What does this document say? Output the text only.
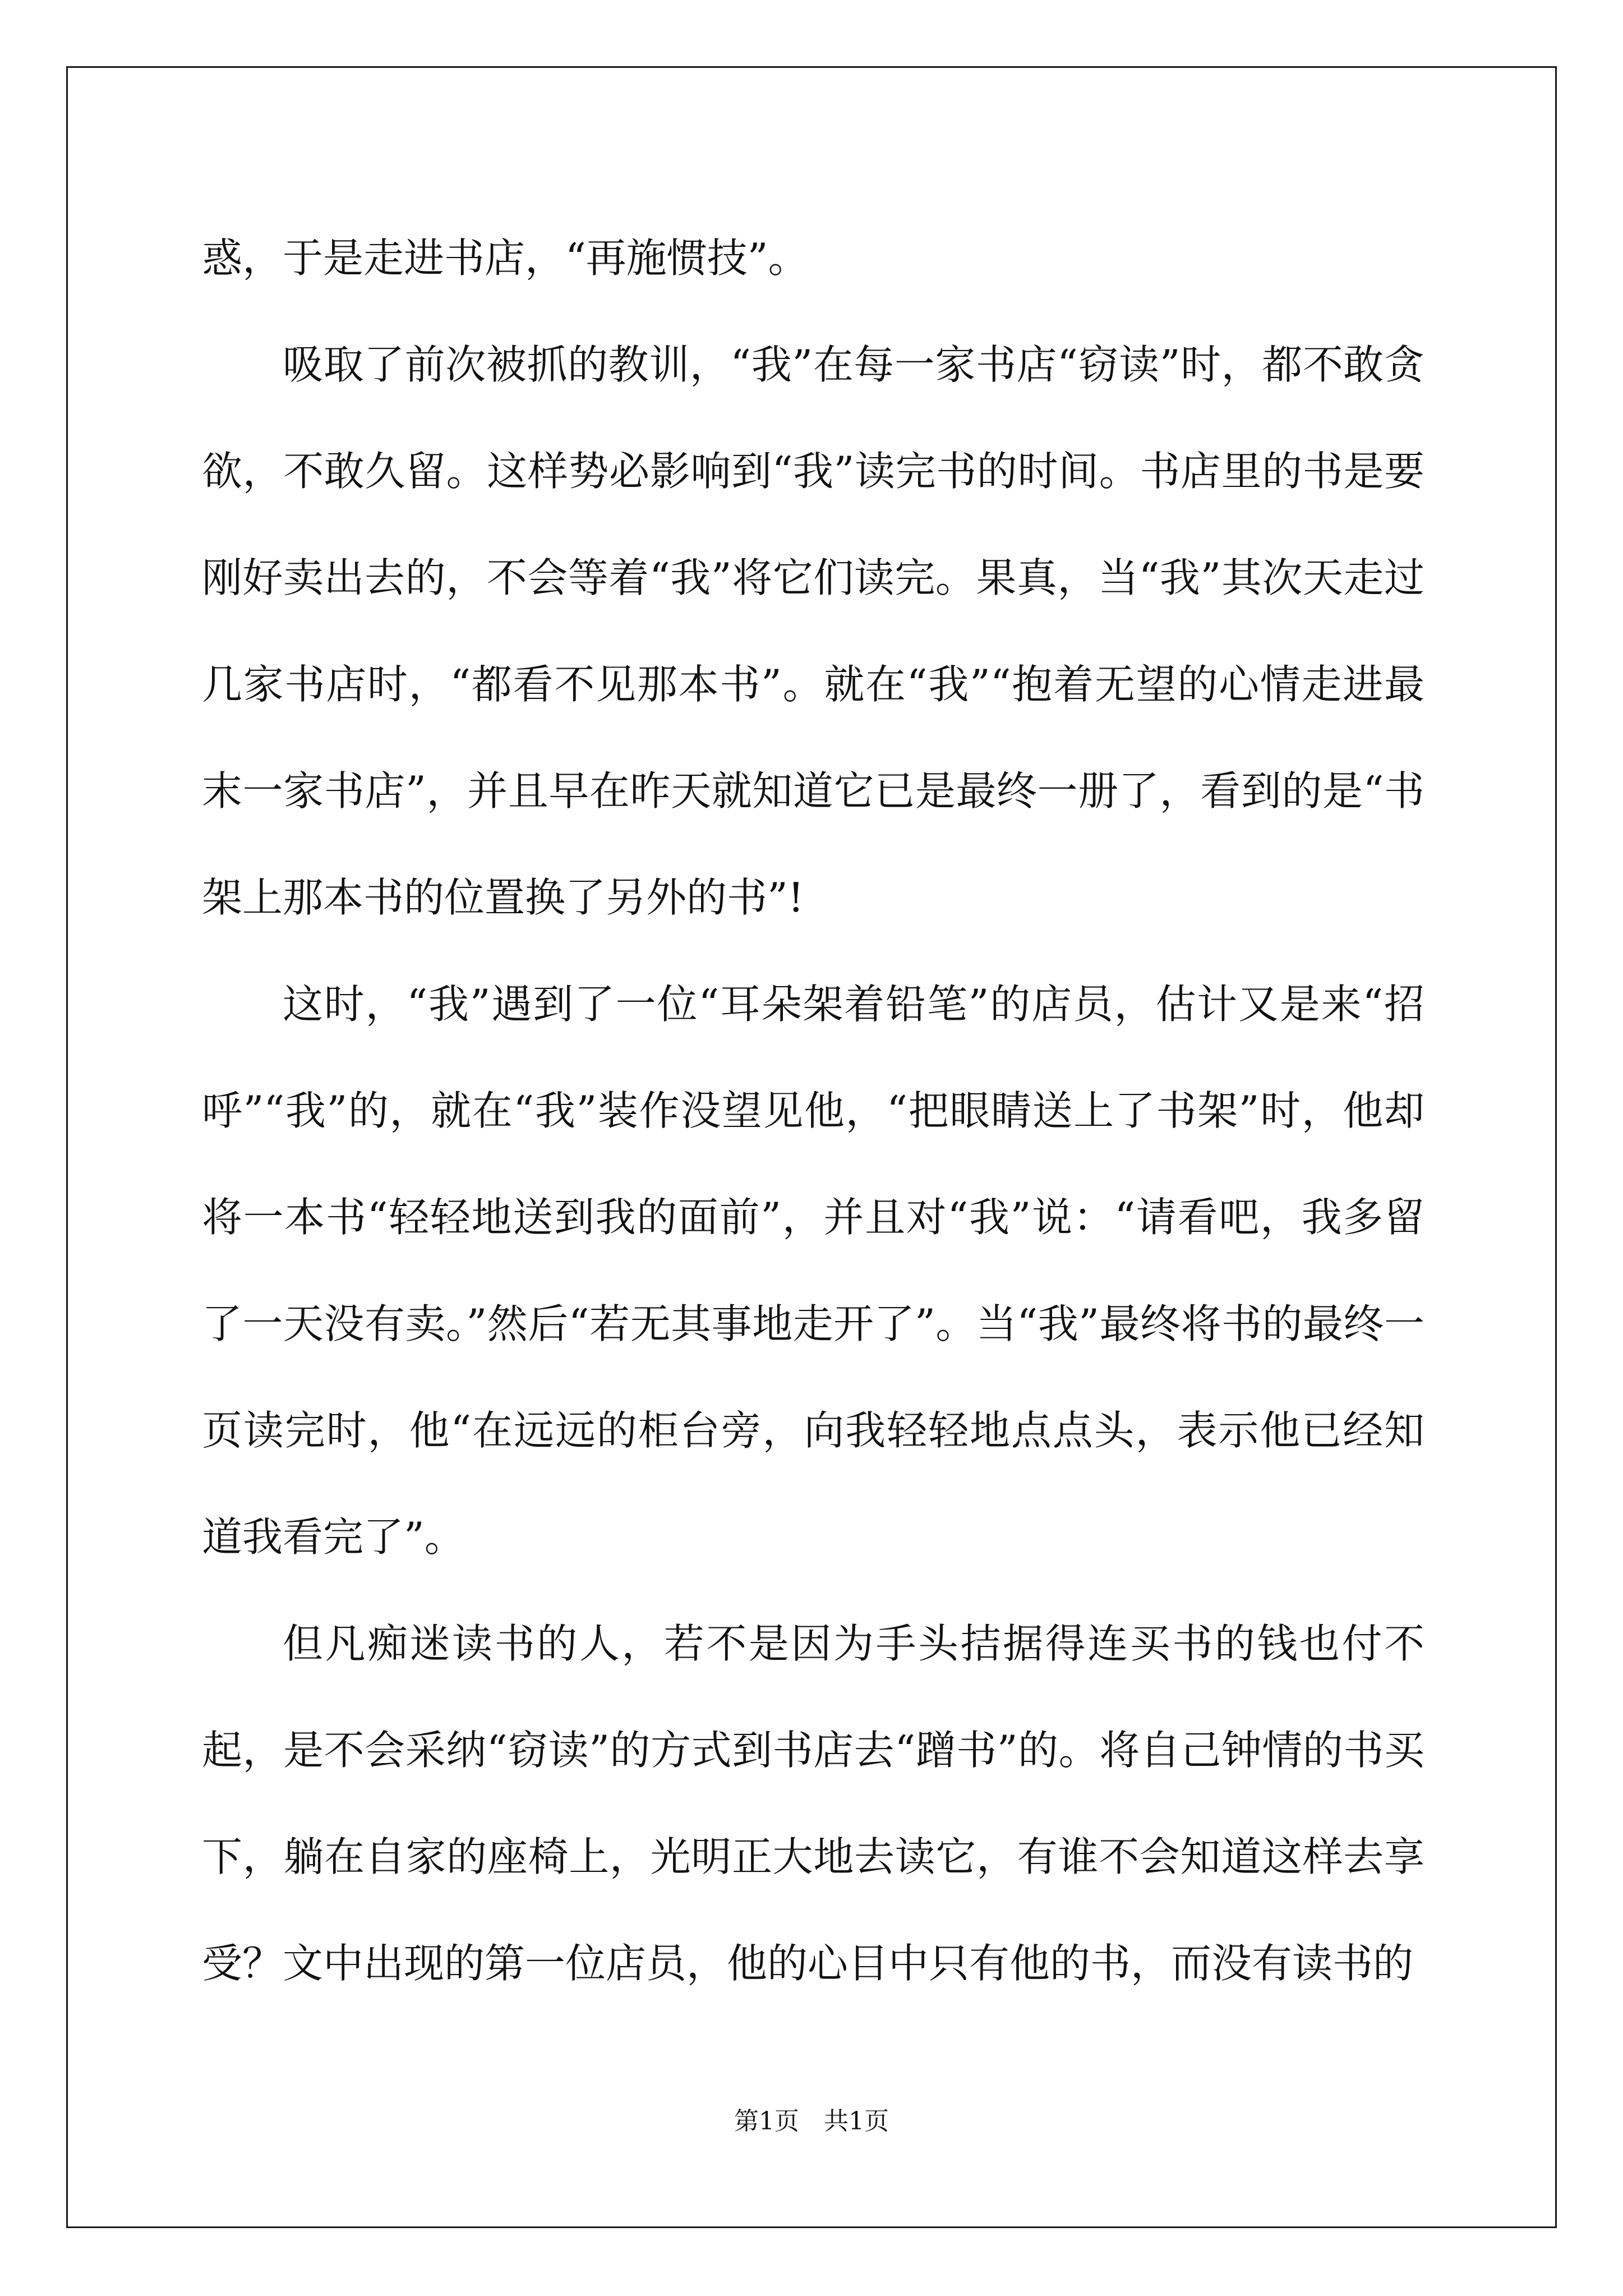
惑，于是走进书店，“再施惯技”。

吸取了前次被抓的教训，“我”在每一家书店“窃读”时，都不敢贪欲，不敢久留。这样势必影响到“我”读完书的时间。书店里的书是要刚好卖出去的，不会等着“我”将它们读完。果真，当“我”其次天走过几家书店时，“都看不见那本书”。就在“我”“抱着无望的心情走进最末一家书店”，并且早在昨天就知道它已是最终一册了，看到的是“书架上那本书的位置换了另外的书”!

这时，“我”遇到了一位“耳朵架着铅笔”的店员，估计又是来“招呼”“我”的，就在“我”装作没望见他，“把眼睛送上了书架”时，他却将一本书“轻轻地送到我的面前”，并且对“我”说：“请看吧，我多留了一天没有卖。”然后“若无其事地走开了”。当“我”最终将书的最终一页读完时，他“在远远的柜台旁，向我轻轻地点点头，表示他已经知道我看完了”。

但凡痴迷读书的人，若不是因为手头拮据得连买书的钱也付不起，是不会采纳“窃读”的方式到书店去“蹭书”的。将自己钟情的书买下，躺在自家的座椅上，光明正大地去读它，有谁不会知道这样去享受？文中出现的第一位店员，他的心目中只有他的书，而没有读书的

第1页 共1页
